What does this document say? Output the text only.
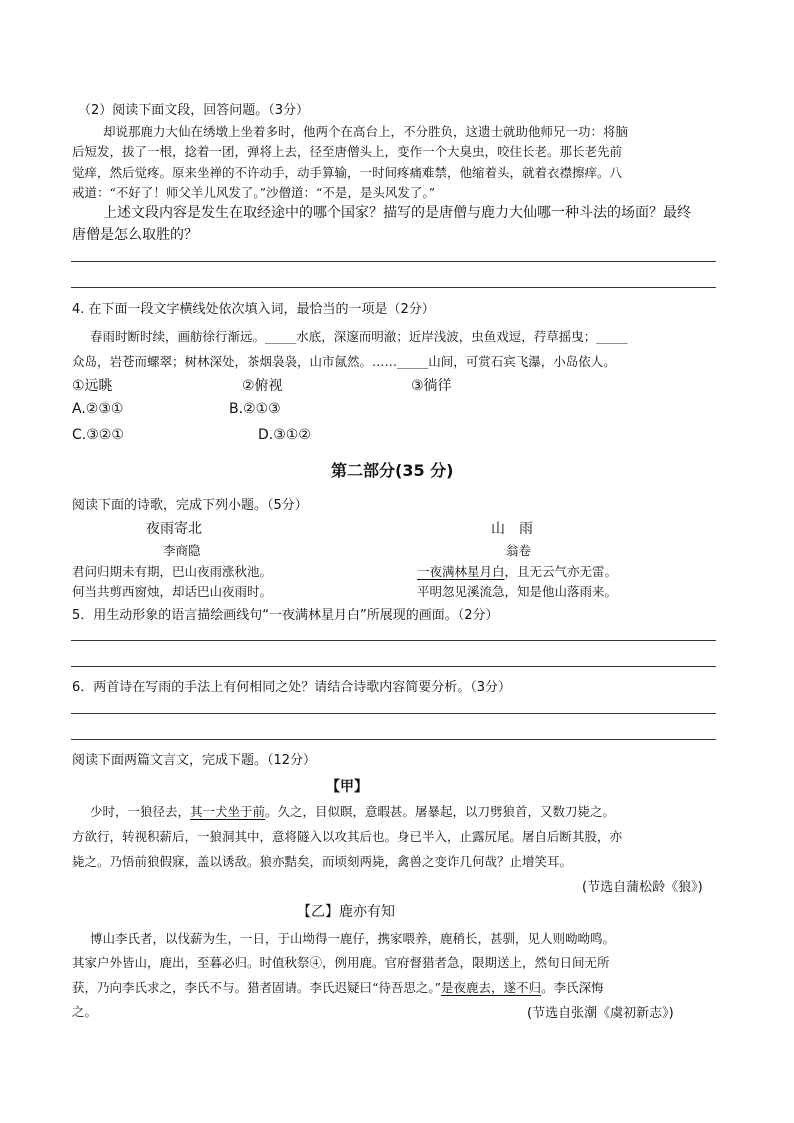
（2）阅读下面文段，回答问题。（3分）
却说那鹿力大仙在绣墩上坐着多时，他两个在高台上，不分胜负，这遗士就助他师兄一功：将脑
后短发，拔了一根，捻着一团，弹将上去，径至唐僧头上，变作一个大臭虫，咬住长老。那长老先前
觉痒，然后觉疼。原来坐禅的不许动手，动手算输，一时间疼痛难禁，他缩着头，就着衣襟擦痒。八
戒道：“不好了！师父羊儿风发了。”沙僧道：“不是，是头风发了。”
上述文段内容是发生在取经途中的哪个国家？描写的是唐僧与鹿力大仙哪一种斗法的场面？最终
唐僧是怎么取胜的？
4. 在下面一段文字横线处依次填入词，最恰当的一项是（2分）
春雨时断时续，画舫徐行渐远。_____水底，深邃而明澈；近岸浅波，虫鱼戏逗，荇草摇曳；_____
众岛，岩苍而螺翠；树林深处，茶烟袅袅，山市氤然。……_____山间，可赏石宾飞瀑，小岛依人。
①远眺	②俯视	③徜徉
A.②③①	B.②①③
C.③②①	D.③①②
第二部分(35 分)
阅读下面的诗歌，完成下列小题。（5分）
夜雨寄北
李商隐
君问归期未有期，巴山夜雨涨秋池。
何当共剪西窗烛，却话巴山夜雨时。
山　雨
翁卷
一夜满林星月白，且无云气亦无雷。
平明忽见溪流急，知是他山落雨来。
5．用生动形象的语言描绘画线句“一夜满林星月白”所展现的画面。（2分）
6．两首诗在写雨的手法上有何相同之处？请结合诗歌内容简要分析。（3分）
阅读下面两篇文言文，完成下题。（12分）
【甲】
少时，一狼径去，其一犬坐于前。久之，目似瞑，意暇甚。屠暴起，以刀劈狼首，又数刀毙之。
方欲行，转视积薪后，一狼洞其中，意将隧入以攻其后也。身已半入，止露尻尾。屠自后断其股，亦
毙之。乃悟前狼假寐，盖以诱敌。狼亦黠矣，而顷刻两毙，禽兽之变诈几何哉？止增笑耳。
(节选自蒲松龄《狼》)
【乙】鹿亦有知
博山李氏者，以伐薪为生，一日，于山坳得一鹿仔，携家喂养，鹿稍长，甚驯，见人则呦呦鸣。
其家户外皆山，鹿出，至暮必归。时值秋祭④，例用鹿。官府督猎者急，限期送上，然旬日间无所
获，乃向李氏求之，李氏不与。猎者固请。李氏迟疑曰“待吾思之。”是夜鹿去，遂不归。李氏深悔
之。	(节选自张潮《虞初新志》)
